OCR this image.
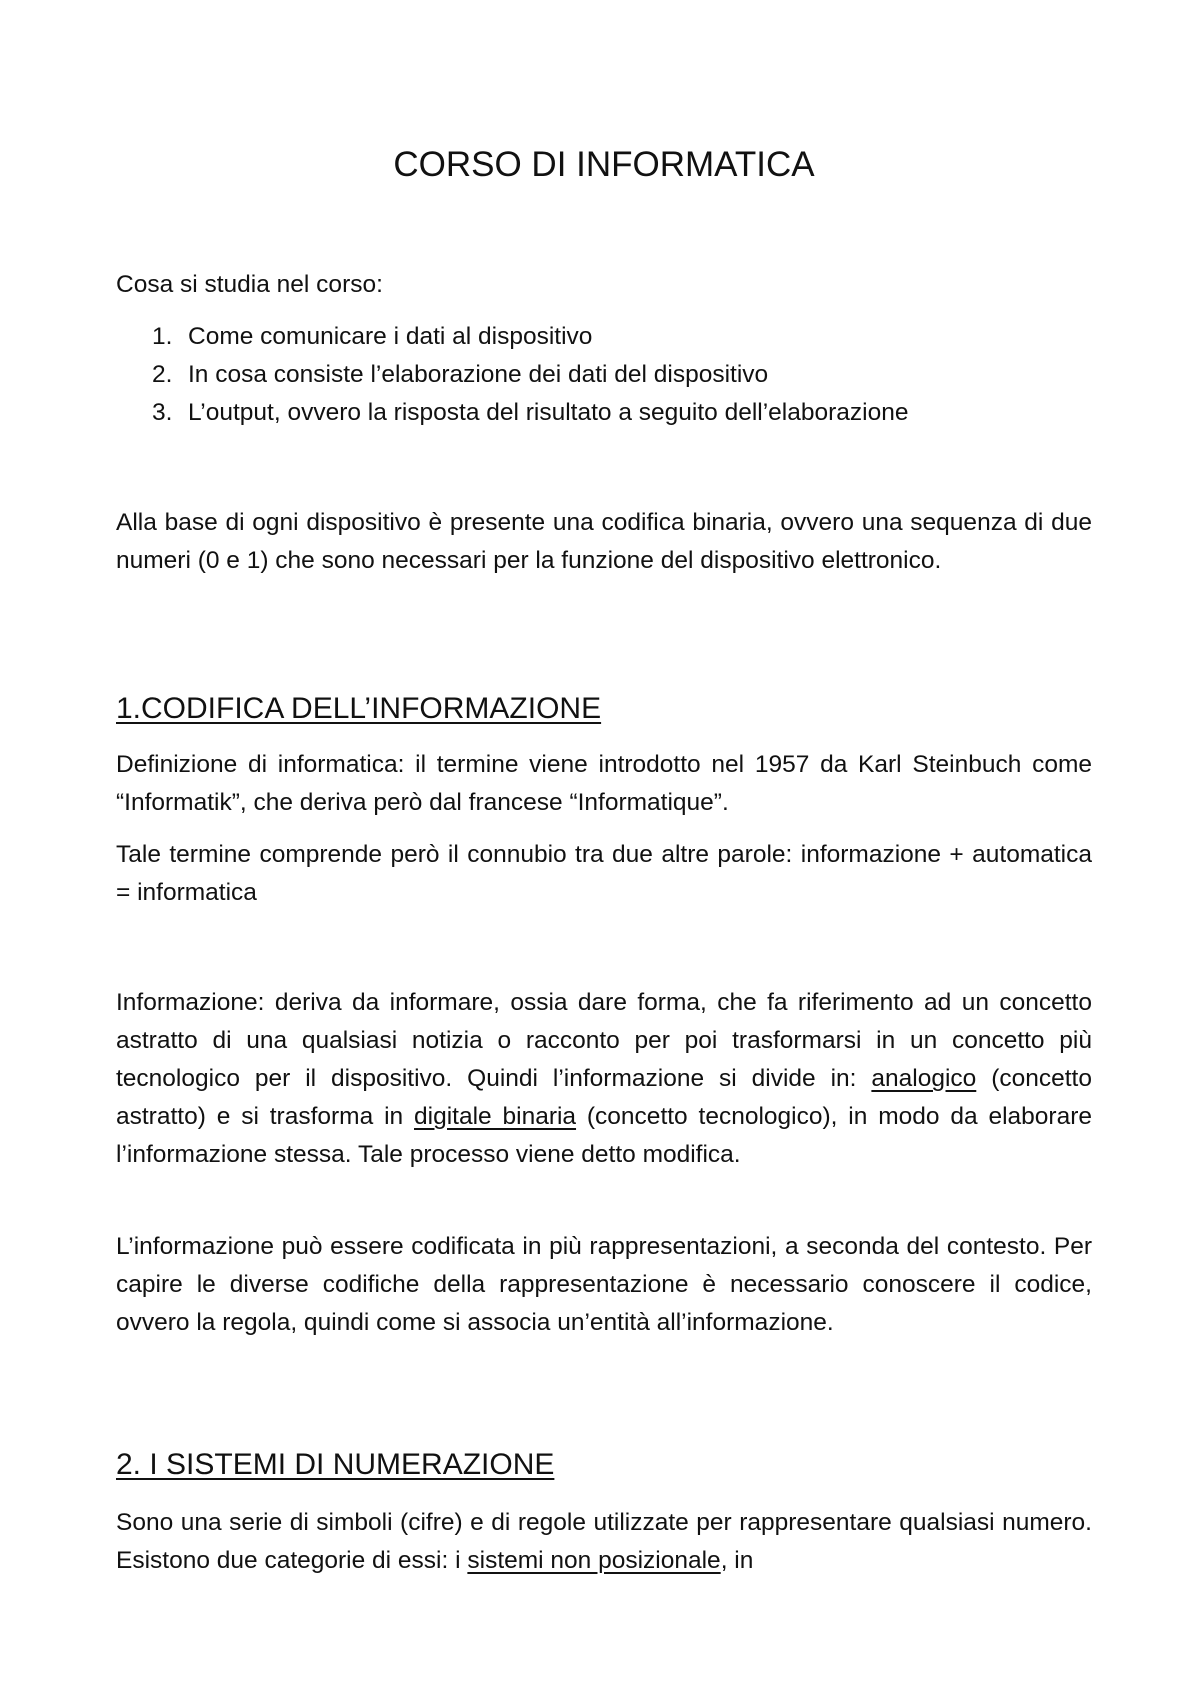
CORSO DI INFORMATICA

Cosa si studia nel corso:

1. Come comunicare i dati al dispositivo
2. In cosa consiste l’elaborazione dei dati del dispositivo
3. L’output, ovvero la risposta del risultato a seguito dell’elaborazione

Alla base di ogni dispositivo è presente una codifica binaria, ovvero una sequenza di due numeri (0 e 1) che sono necessari per la funzione del dispositivo elettronico.

1.CODIFICA DELL’INFORMAZIONE

Definizione di informatica: il termine viene introdotto nel 1957 da Karl Steinbuch come “Informatik”, che deriva però dal francese “Informatique”.

Tale termine comprende però il connubio tra due altre parole: informazione + automatica = informatica

Informazione: deriva da informare, ossia dare forma, che fa riferimento ad un concetto astratto di una qualsiasi notizia o racconto per poi trasformarsi in un concetto più tecnologico per il dispositivo. Quindi l’informazione si divide in: analogico (concetto astratto) e si trasforma in digitale binaria (concetto tecnologico), in modo da elaborare l’informazione stessa. Tale processo viene detto modifica.

L’informazione può essere codificata in più rappresentazioni, a seconda del contesto. Per capire le diverse codifiche della rappresentazione è necessario conoscere il codice, ovvero la regola, quindi come si associa un’entità all’informazione.

2. I SISTEMI DI NUMERAZIONE

Sono una serie di simboli (cifre) e di regole utilizzate per rappresentare qualsiasi numero. Esistono due categorie di essi: i sistemi non posizionale, in
